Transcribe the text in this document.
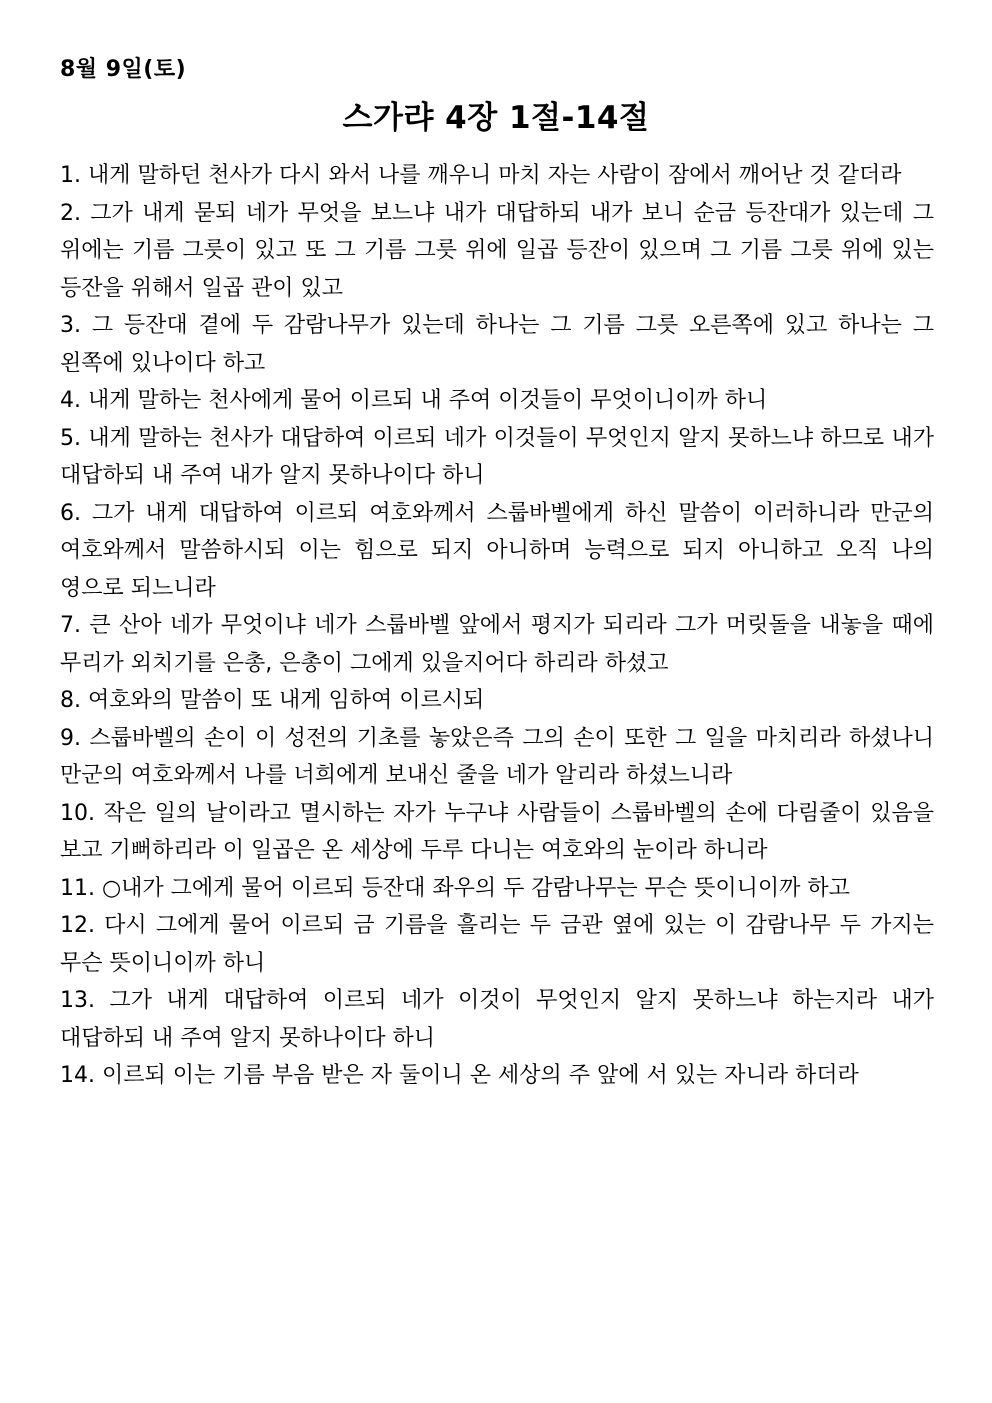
8월 9일(토)
스가랴 4장 1절-14절

1. 내게 말하던 천사가 다시 와서 나를 깨우니 마치 자는 사람이 잠에서 깨어난 것 같더라

2. 그가 내게 묻되 네가 무엇을 보느냐 내가 대답하되 내가 보니 순금 등잔대가 있는데 그 위에는 기름 그릇이 있고 또 그 기름 그릇 위에 일곱 등잔이 있으며 그 기름 그릇 위에 있는 등잔을 위해서 일곱 관이 있고

3. 그 등잔대 곁에 두 감람나무가 있는데 하나는 그 기름 그릇 오른쪽에 있고 하나는 그 왼쪽에 있나이다 하고

4. 내게 말하는 천사에게 물어 이르되 내 주여 이것들이 무엇이니이까 하니

5. 내게 말하는 천사가 대답하여 이르되 네가 이것들이 무엇인지 알지 못하느냐 하므로 내가 대답하되 내 주여 내가 알지 못하나이다 하니

6. 그가 내게 대답하여 이르되 여호와께서 스룹바벨에게 하신 말씀이 이러하니라 만군의 여호와께서 말씀하시되 이는 힘으로 되지 아니하며 능력으로 되지 아니하고 오직 나의 영으로 되느니라

7. 큰 산아 네가 무엇이냐 네가 스룹바벨 앞에서 평지가 되리라 그가 머릿돌을 내놓을 때에 무리가 외치기를 은총, 은총이 그에게 있을지어다 하리라 하셨고

8. 여호와의 말씀이 또 내게 임하여 이르시되

9. 스룹바벨의 손이 이 성전의 기초를 놓았은즉 그의 손이 또한 그 일을 마치리라 하셨나니 만군의 여호와께서 나를 너희에게 보내신 줄을 네가 알리라 하셨느니라

10. 작은 일의 날이라고 멸시하는 자가 누구냐 사람들이 스룹바벨의 손에 다림줄이 있음을 보고 기뻐하리라 이 일곱은 온 세상에 두루 다니는 여호와의 눈이라 하니라

11. ○내가 그에게 물어 이르되 등잔대 좌우의 두 감람나무는 무슨 뜻이니이까 하고

12. 다시 그에게 물어 이르되 금 기름을 흘리는 두 금관 옆에 있는 이 감람나무 두 가지는 무슨 뜻이니이까 하니

13. 그가 내게 대답하여 이르되 네가 이것이 무엇인지 알지 못하느냐 하는지라 내가 대답하되 내 주여 알지 못하나이다 하니

14. 이르되 이는 기름 부음 받은 자 둘이니 온 세상의 주 앞에 서 있는 자니라 하더라
